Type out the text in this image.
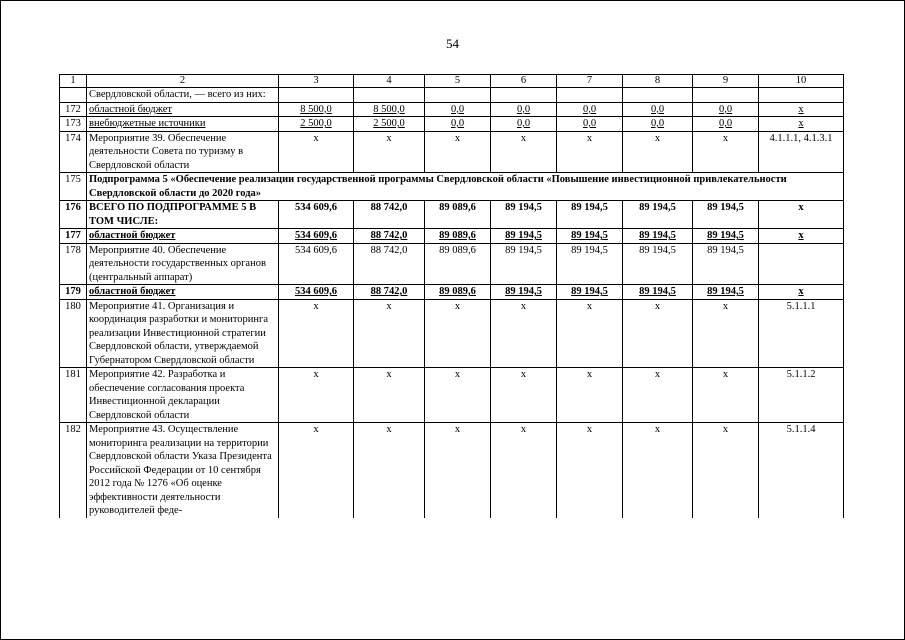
54
1	2	3	4	5	6	7	8	9	10
	Свердловской области, — всего из них:								
172	областной бюджет	8 500,0	8 500,0	0,0	0,0	0,0	0,0	0,0	х
173	внебюджетные источники	2 500,0	2 500,0	0,0	0,0	0,0	0,0	0,0	х
174	Мероприятие 39. Обеспечение деятельности Совета по туризму в Свердловской области	х	х	х	х	х	х	х	4.1.1.1, 4.1.3.1
175	Подпрограмма 5 «Обеспечение реализации государственной программы Свердловской области «Повышение инвестиционной привлекательности Свердловской области до 2020 года»								
176	ВСЕГО ПО ПОДПРОГРАММЕ 5 В ТОМ ЧИСЛЕ:	534 609,6	88 742,0	89 089,6	89 194,5	89 194,5	89 194,5	89 194,5	х
177	областной бюджет	534 609,6	88 742,0	89 089,6	89 194,5	89 194,5	89 194,5	89 194,5	х
178	Мероприятие 40. Обеспечение деятельности государственных органов (центральный аппарат)	534 609,6	88 742,0	89 089,6	89 194,5	89 194,5	89 194,5	89 194,5	
179	областной бюджет	534 609,6	88 742,0	89 089,6	89 194,5	89 194,5	89 194,5	89 194,5	х
180	Мероприятие 41. Организация и координация разработки и мониторинга реализации Инвестиционной стратегии Свердловской области, утверждаемой Губернатором Свердловской области	х	х	х	х	х	х	х	5.1.1.1
181	Мероприятие 42. Разработка и обеспечение согласования проекта Инвестиционной декларации Свердловской области	х	х	х	х	х	х	х	5.1.1.2
182	Мероприятие 43. Осуществление мониторинга реализации на территории Свердловской области Указа Президента Российской Федерации от 10 сентября 2012 года № 1276 «Об оценке эффективности деятельности руководителей феде-	х	х	х	х	х	х	х	5.1.1.4
